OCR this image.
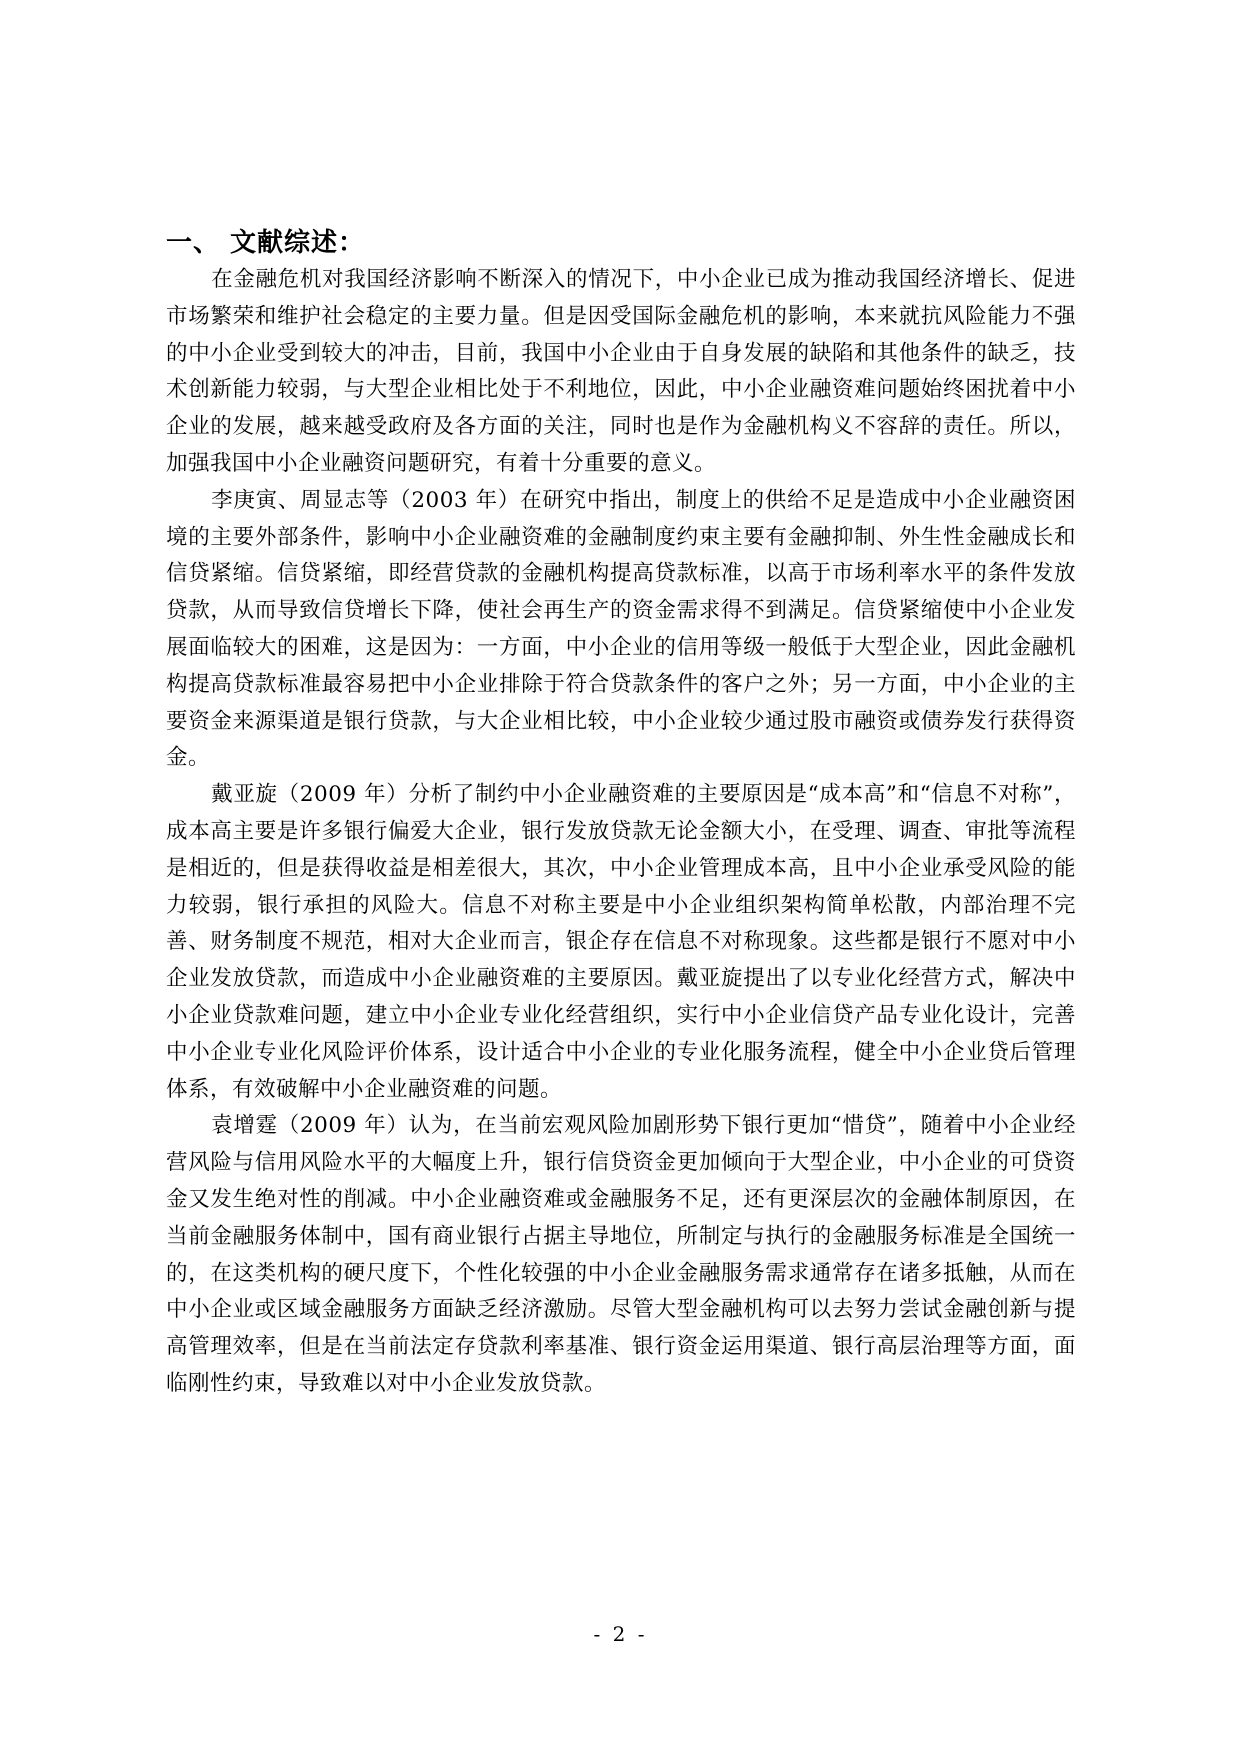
一、 文献综述：

在金融危机对我国经济影响不断深入的情况下，中小企业已成为推动我国经济增长、促进市场繁荣和维护社会稳定的主要力量。但是因受国际金融危机的影响，本来就抗风险能力不强的中小企业受到较大的冲击，目前，我国中小企业由于自身发展的缺陷和其他条件的缺乏，技术创新能力较弱，与大型企业相比处于不利地位，因此，中小企业融资难问题始终困扰着中小企业的发展，越来越受政府及各方面的关注，同时也是作为金融机构义不容辞的责任。所以，加强我国中小企业融资问题研究，有着十分重要的意义。

李庚寅、周显志等（2003 年）在研究中指出，制度上的供给不足是造成中小企业融资困境的主要外部条件，影响中小企业融资难的金融制度约束主要有金融抑制、外生性金融成长和信贷紧缩。信贷紧缩，即经营贷款的金融机构提高贷款标准，以高于市场利率水平的条件发放贷款，从而导致信贷增长下降，使社会再生产的资金需求得不到满足。信贷紧缩使中小企业发展面临较大的困难，这是因为：一方面，中小企业的信用等级一般低于大型企业，因此金融机构提高贷款标准最容易把中小企业排除于符合贷款条件的客户之外；另一方面，中小企业的主要资金来源渠道是银行贷款，与大企业相比较，中小企业较少通过股市融资或债券发行获得资金。

戴亚旋（2009 年）分析了制约中小企业融资难的主要原因是“成本高”和“信息不对称”，成本高主要是许多银行偏爱大企业，银行发放贷款无论金额大小，在受理、调查、审批等流程是相近的，但是获得收益是相差很大，其次，中小企业管理成本高，且中小企业承受风险的能力较弱，银行承担的风险大。信息不对称主要是中小企业组织架构简单松散，内部治理不完善、财务制度不规范，相对大企业而言，银企存在信息不对称现象。这些都是银行不愿对中小企业发放贷款，而造成中小企业融资难的主要原因。戴亚旋提出了以专业化经营方式，解决中小企业贷款难问题，建立中小企业专业化经营组织，实行中小企业信贷产品专业化设计，完善中小企业专业化风险评价体系，设计适合中小企业的专业化服务流程，健全中小企业贷后管理体系，有效破解中小企业融资难的问题。

袁增霆（2009 年）认为，在当前宏观风险加剧形势下银行更加“惜贷”，随着中小企业经营风险与信用风险水平的大幅度上升，银行信贷资金更加倾向于大型企业，中小企业的可贷资金又发生绝对性的削减。中小企业融资难或金融服务不足，还有更深层次的金融体制原因，在当前金融服务体制中，国有商业银行占据主导地位，所制定与执行的金融服务标准是全国统一的，在这类机构的硬尺度下，个性化较强的中小企业金融服务需求通常存在诸多抵触，从而在中小企业或区域金融服务方面缺乏经济激励。尽管大型金融机构可以去努力尝试金融创新与提高管理效率，但是在当前法定存贷款利率基准、银行资金运用渠道、银行高层治理等方面，面临刚性约束，导致难以对中小企业发放贷款。

- 2 -
